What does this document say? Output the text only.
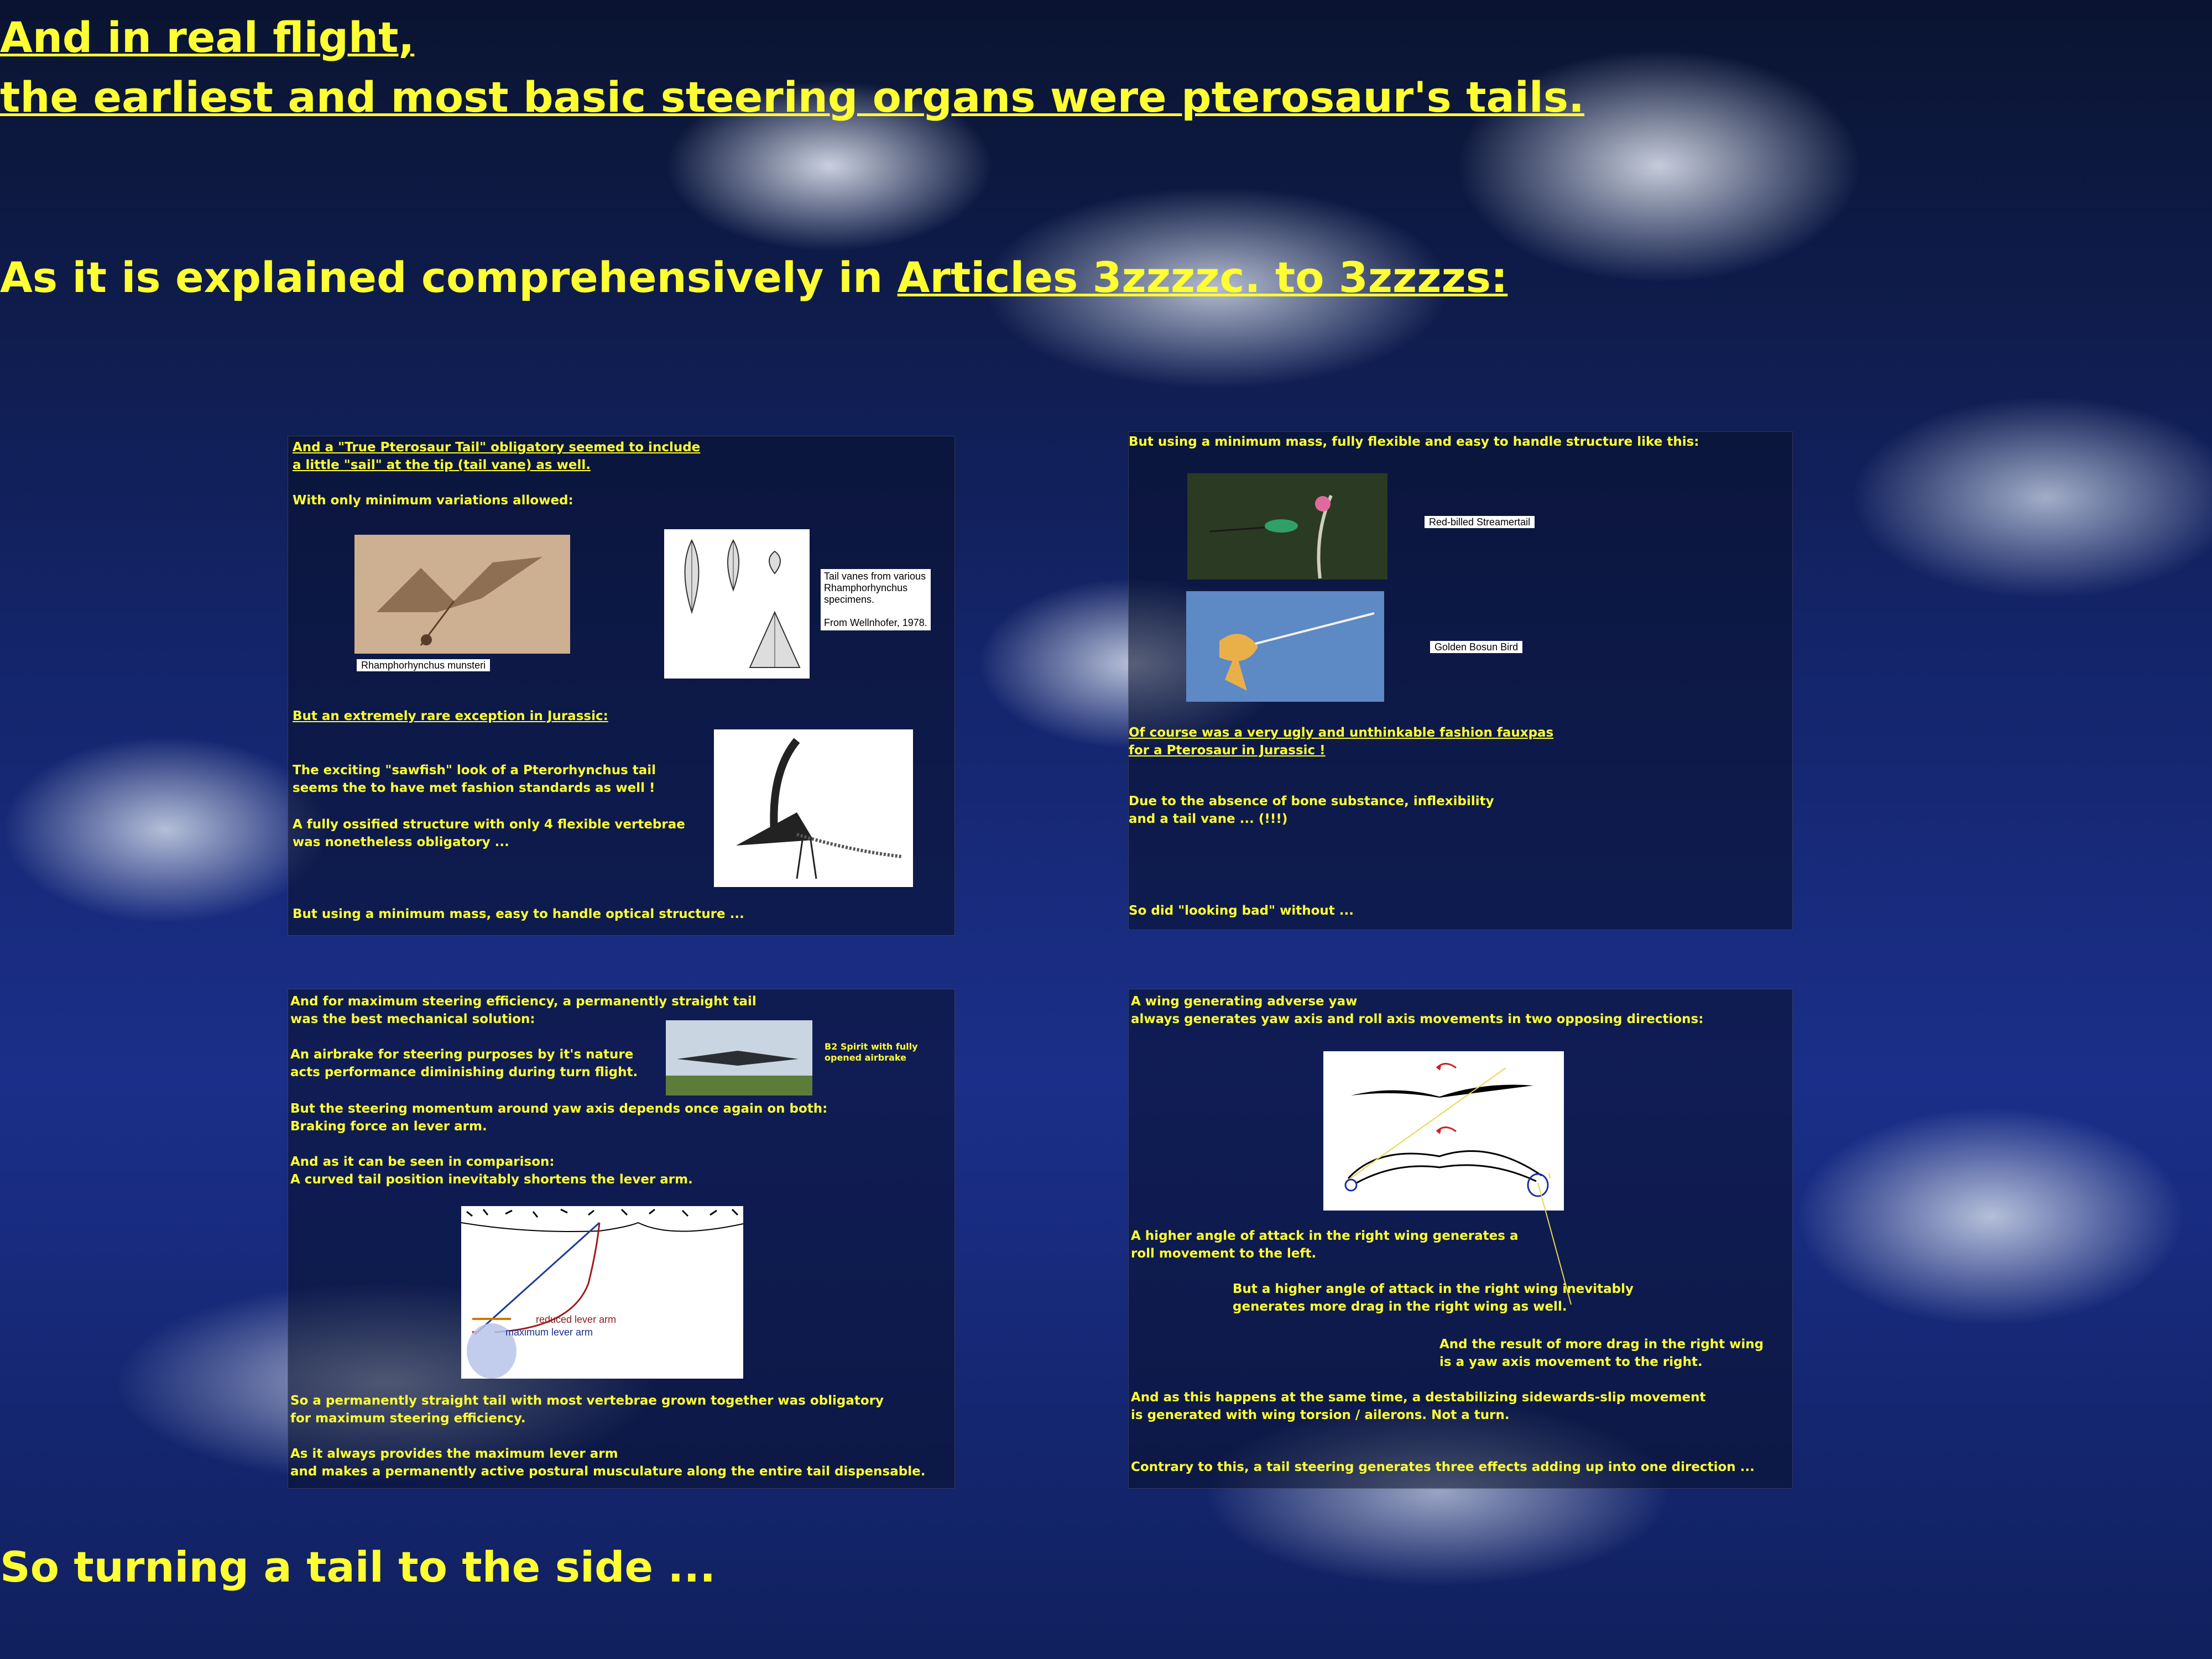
And in real flight,
the earliest and most basic steering organs were pterosaur's tails.
As it is explained comprehensively in Articles 3zzzzc. to 3zzzzs:
And a "True Pterosaur Tail" obligatory seemed to include
a little "sail" at the tip (tail vane) as well.
With only minimum variations allowed:
Rhamphorhynchus munsteri
Tail vanes from various
Rhamphorhynchus
specimens.

From Wellnhofer, 1978.
But an extremely rare exception in Jurassic:
The exciting "sawfish" look of a Pterorhynchus tail
seems the to have met fashion standards as well !
A fully ossified structure with only 4 flexible vertebrae
was nonetheless obligatory ...
But using a minimum mass, easy to handle optical structure ...
But using a minimum mass, fully flexible and easy to handle structure like this:
Red-billed Streamertail
Golden Bosun Bird
Of course was a very ugly and unthinkable fashion fauxpas
for a Pterosaur in Jurassic !
Due to the absence of bone substance, inflexibility
and a tail vane ... (!!!)
So did "looking bad" without ...
And for maximum steering efficiency, a permanently straight tail
was the best mechanical solution:
An airbrake for steering purposes by it's nature
acts performance diminishing during turn flight.
B2 Spirit with fully
opened airbrake
But the steering momentum around yaw axis depends once again on both:
Braking force an lever arm.
And as it can be seen in comparison:
A curved tail position inevitably shortens the lever arm.
reduced lever arm
maximum lever arm
So a permanently straight tail with most vertebrae grown together was obligatory
for maximum steering efficiency.
As it always provides the maximum lever arm
and makes a permanently active postural musculature along the entire tail dispensable.
A wing generating adverse yaw
always generates yaw axis and roll axis movements in two opposing directions:
A higher angle of attack in the right wing generates a
roll movement to the left.
But a higher angle of attack in the right wing inevitably
generates more drag in the right wing as well.
And the result of more drag in the right wing
is a yaw axis movement to the right.
And as this happens at the same time, a destabilizing sidewards-slip movement
is generated with wing torsion / ailerons. Not a turn.
Contrary to this, a tail steering generates three effects adding up into one direction ...
So turning a tail to the side ...
